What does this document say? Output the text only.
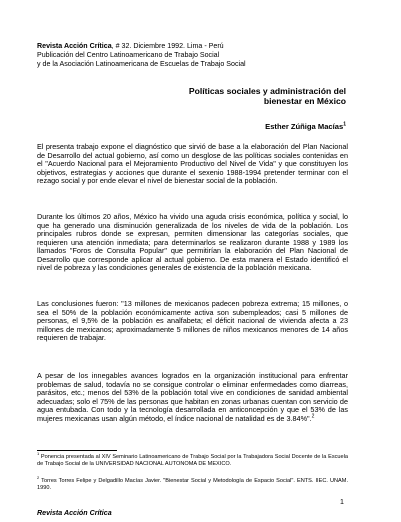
Revista Acción Crítica, # 32. Diciembre 1992. Lima - Perú
Publicación del Centro Latinoamericano de Trabajo Social
y de la Asociación Latinoamericana de Escuelas de Trabajo Social
Políticas sociales y administración del
bienestar en México
Esther Zúñiga Macías$^1$
El presenta trabajo expone el diagnóstico que sirvió de base a la elaboración del Plan Nacional de Desarrollo del actual gobierno, así como un desglose de las políticas sociales contenidas en el "Acuerdo Nacional para el Mejoramiento Productivo del Nivel de Vida" y que constituyen los objetivos, estrategias y acciones que durante el sexenio 1988-1994 pretender terminar con el rezago social y por ende elevar el nivel de bienestar social de la población.
Durante los últimos 20 años, México ha vivido una aguda crisis económica, política y social, lo que ha generado una disminución generalizada de los niveles de vida de la población. Los principales rubros donde se expresan, permiten dimensionar las categorías sociales, que requieren una atención inmediata; para determinarlos se realizaron durante 1988 y 1989 los llamados "Foros de Consulta Popular" que permitirían la elaboración del Plan Nacional de Desarrollo que corresponde aplicar al actual gobierno. De esta manera el Estado identificó el nivel de pobreza y las condiciones generales de existencia de la población mexicana.
Las conclusiones fueron: "13 millones de mexicanos padecen pobreza extrema; 15 millones, o sea el 50% de la población económicamente activa son subempleados; casi 5 millones de personas, el 9,5% de la población es analfabeta; el déficit nacional de vivienda afecta a 23 millones de mexicanos; aproximadamente 5 millones de niños mexicanos menores de 14 años requieren de trabajar.
A pesar de los innegables avances logrados en la organización institucional para enfrentar problemas de salud, todavía no se consigue controlar o eliminar enfermedades como diarreas, parásitos, etc.; menos del 53% de la población total vive en condiciones de sanidad ambiental adecuadas; solo el 75% de las personas que habitan en zonas urbanas cuentan con servicio de agua entubada. Con todo y la tecnología desarrollada en anticoncepción y que el 53% de las mujeres mexicanas usan algún método, el índice nacional de natalidad es de 3.84%".$^2$
$^1$ Ponencia presentada al XIV Seminario Latinoamericano de Trabajo Social por la Trabajadora Social Docente de la Escuela de Trabajo Social de la UNIVERSIDAD NACIONAL AUTONOMA DE MEXICO.
$^2$ Torres Torres Felipe y Delgadillo Macías Javier. "Bienestar Social y Metodología de Espacio Social". ENTS. IIEC. UNAM. 1990.
1
Revista Acción Crítica
